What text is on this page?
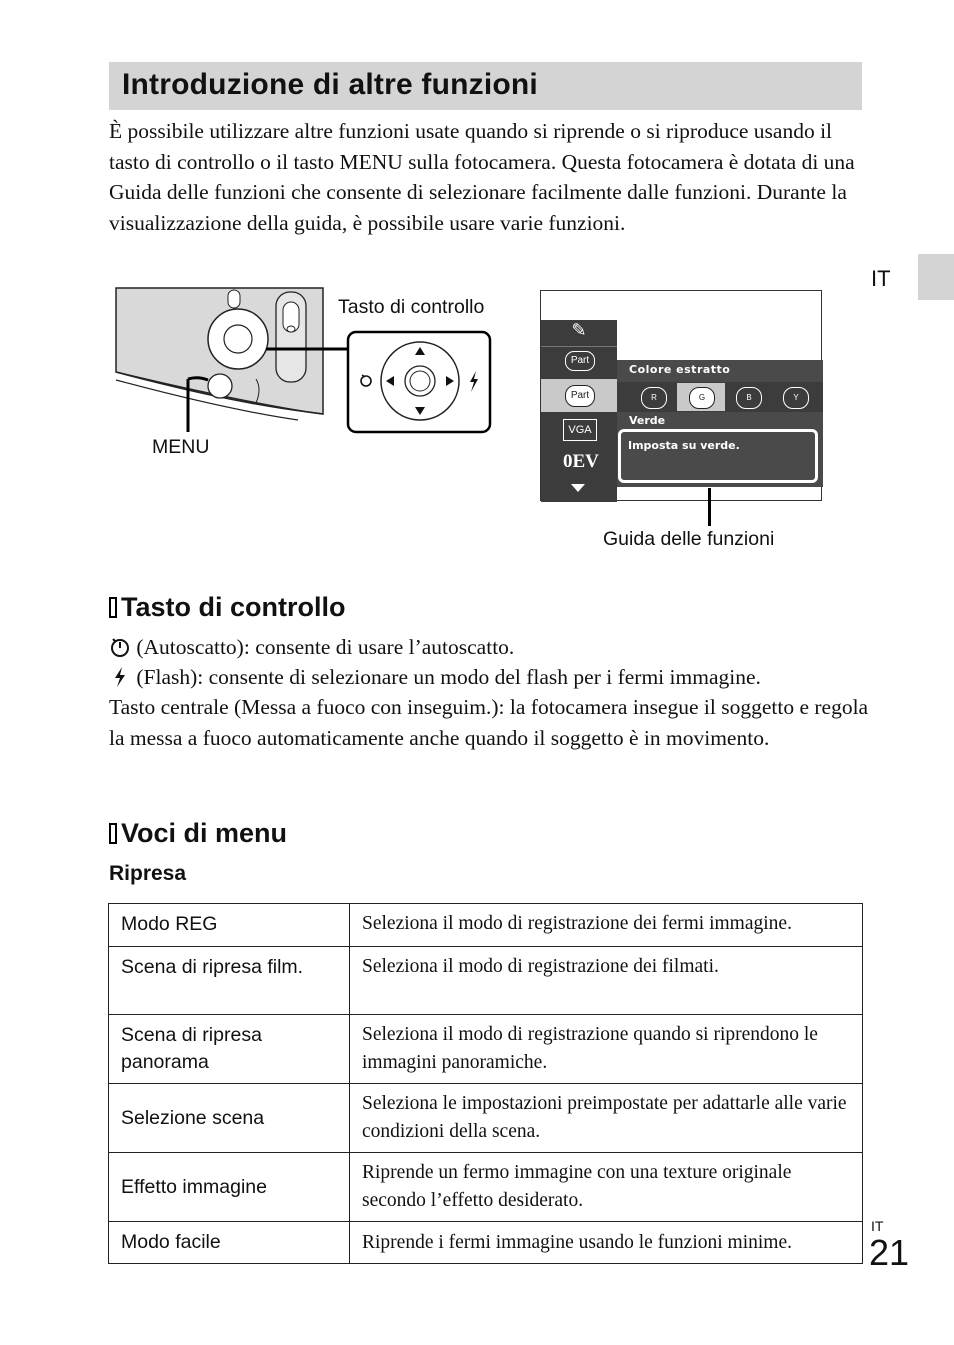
Introduzione di altre funzioni

È possibile utilizzare altre funzioni usate quando si riprende o si riproduce usando il tasto di controllo o il tasto MENU sulla fotocamera. Questa fotocamera è dotata di una Guida delle funzioni che consente di selezionare facilmente dalle funzioni. Durante la visualizzazione della guida, è possibile usare varie funzioni.

IT
Tasto di controllo
MENU
✎
Part
Part
VGA
0EV
Colore estratto
R	G	B	Y
Verde
Imposta su verde.
Guida delle funzioni
Tasto di controllo

(Autoscatto): consente di usare l’autoscatto.

(Flash): consente di selezionare un modo del flash per i fermi immagine.

Tasto centrale (Messa a fuoco con inseguim.): la fotocamera insegue il soggetto e regola la messa a fuoco automaticamente anche quando il soggetto è in movimento.

Voci di menu
Ripresa
Modo REG	Seleziona il modo di registrazione dei fermi immagine.
Scena di ripresa film.	Seleziona il modo di registrazione dei filmati.
Scena di ripresa panorama	Seleziona il modo di registrazione quando si riprendono le immagini panoramiche.
Selezione scena	Seleziona le impostazioni preimpostate per adattarle alle varie condizioni della scena.
Effetto immagine	Riprende un fermo immagine con una texture originale secondo l’effetto desiderato.
Modo facile	Riprende i fermi immagine usando le funzioni minime.
IT
21
